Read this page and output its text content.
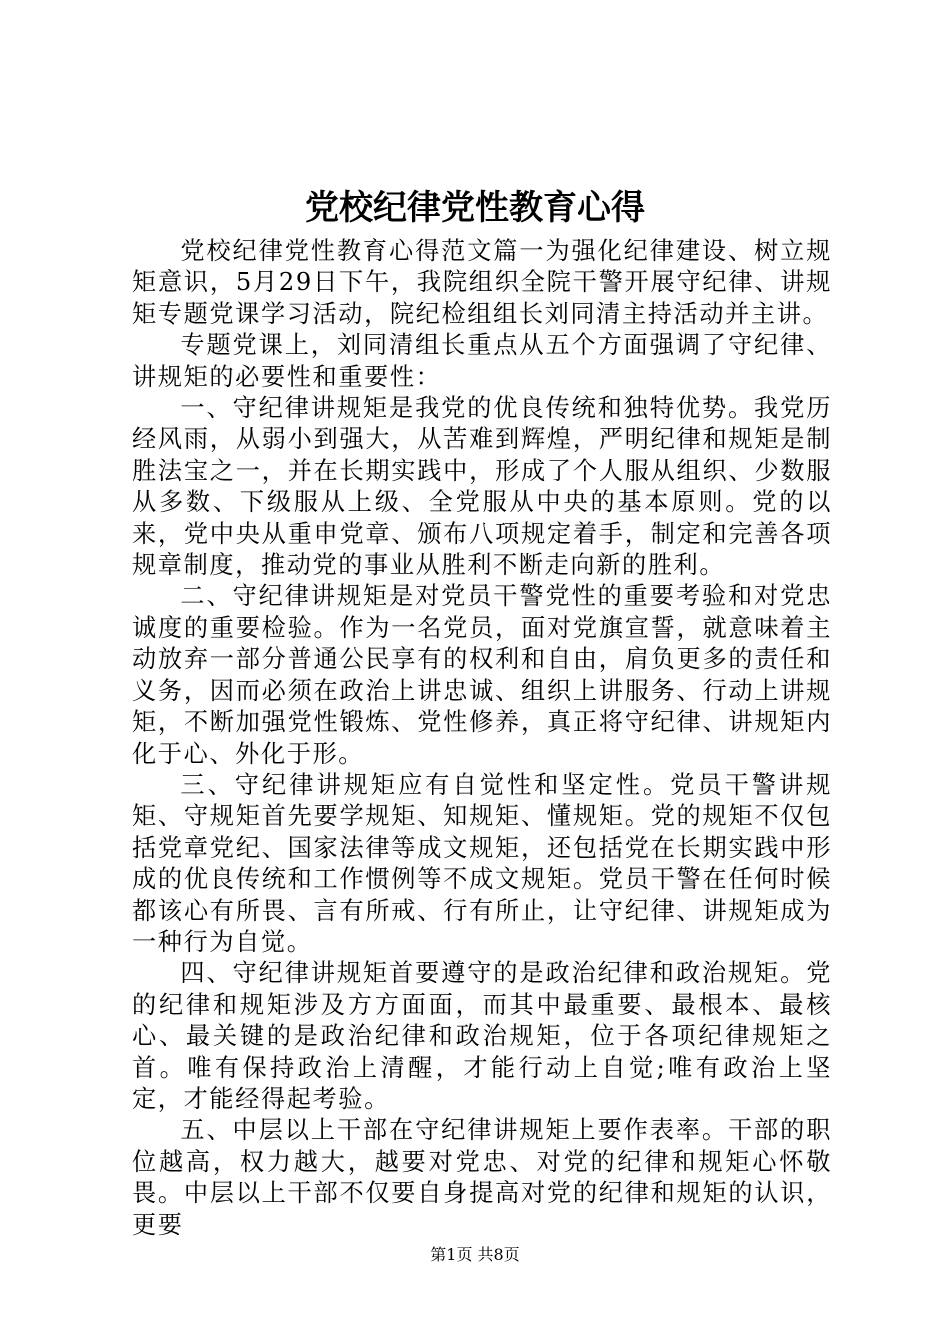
党校纪律党性教育心得

党校纪律党性教育心得范文篇一为强化纪律建设、树立规矩意识，5月29日下午，我院组织全院干警开展守纪律、讲规矩专题党课学习活动，院纪检组组长刘同清主持活动并主讲。

专题党课上，刘同清组长重点从五个方面强调了守纪律、讲规矩的必要性和重要性：

一、守纪律讲规矩是我党的优良传统和独特优势。我党历经风雨，从弱小到强大，从苦难到辉煌，严明纪律和规矩是制胜法宝之一，并在长期实践中，形成了个人服从组织、少数服从多数、下级服从上级、全党服从中央的基本原则。党的以来，党中央从重申党章、颁布八项规定着手，制定和完善各项规章制度，推动党的事业从胜利不断走向新的胜利。

二、守纪律讲规矩是对党员干警党性的重要考验和对党忠诚度的重要检验。作为一名党员，面对党旗宣誓，就意味着主动放弃一部分普通公民享有的权利和自由，肩负更多的责任和义务，因而必须在政治上讲忠诚、组织上讲服务、行动上讲规矩，不断加强党性锻炼、党性修养，真正将守纪律、讲规矩内化于心、外化于形。

三、守纪律讲规矩应有自觉性和坚定性。党员干警讲规矩、守规矩首先要学规矩、知规矩、懂规矩。党的规矩不仅包括党章党纪、国家法律等成文规矩，还包括党在长期实践中形成的优良传统和工作惯例等不成文规矩。党员干警在任何时候都该心有所畏、言有所戒、行有所止，让守纪律、讲规矩成为一种行为自觉。

四、守纪律讲规矩首要遵守的是政治纪律和政治规矩。党的纪律和规矩涉及方方面面，而其中最重要、最根本、最核心、最关键的是政治纪律和政治规矩，位于各项纪律规矩之首。唯有保持政治上清醒，才能行动上自觉;唯有政治上坚定，才能经得起考验。

五、中层以上干部在守纪律讲规矩上要作表率。干部的职位越高，权力越大，越要对党忠、对党的纪律和规矩心怀敬畏。中层以上干部不仅要自身提高对党的纪律和规矩的认识，更要

第1页 共8页
